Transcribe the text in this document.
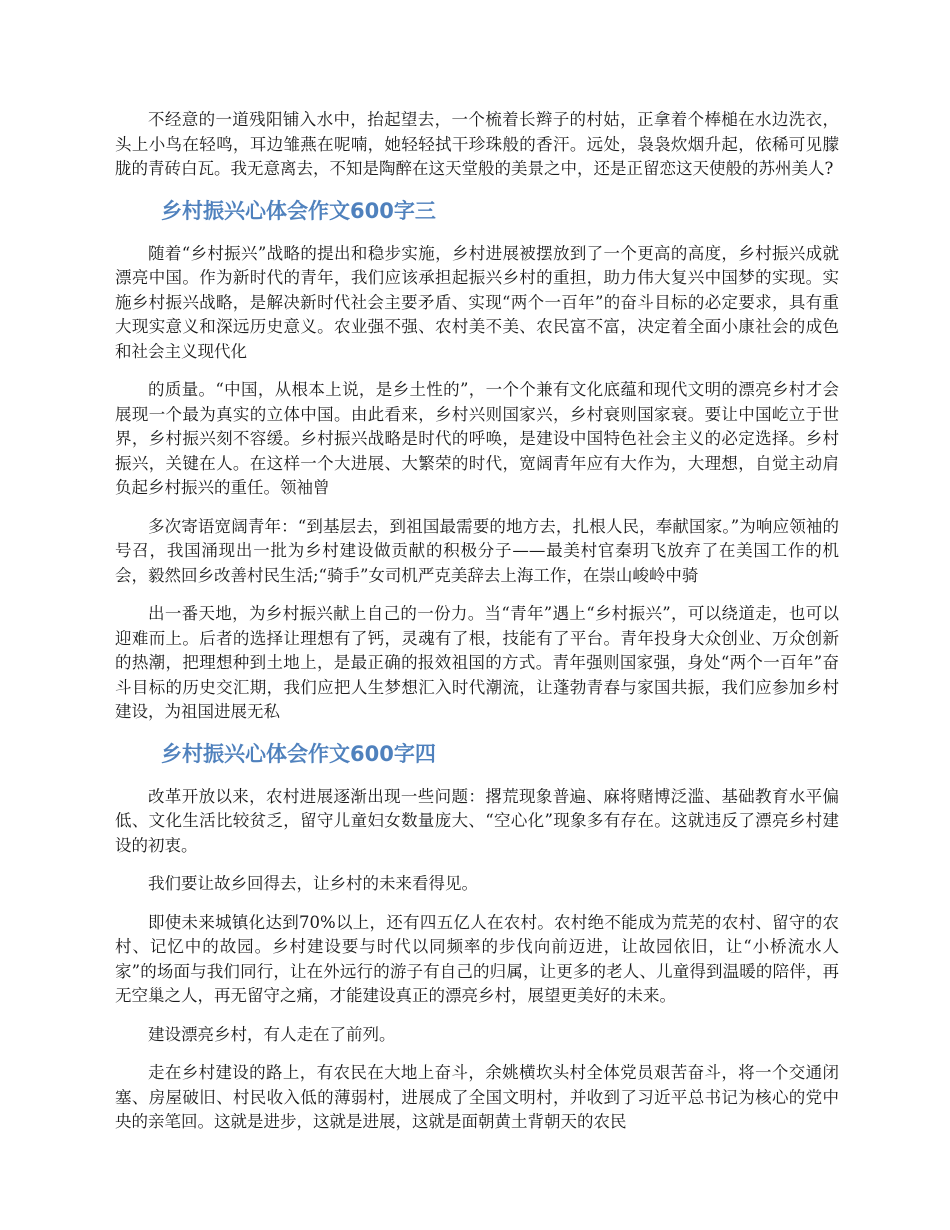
不经意的一道残阳铺入水中，抬起望去，一个梳着长辫子的村姑，正拿着个棒槌在水边洗衣，头上小鸟在轻鸣，耳边雏燕在呢喃，她轻轻拭干珍珠般的香汗。远处，袅袅炊烟升起，依稀可见朦胧的青砖白瓦。我无意离去，不知是陶醉在这天堂般的美景之中，还是正留恋这天使般的苏州美人?

乡村振兴心体会作文600字三

随着“乡村振兴”战略的提出和稳步实施，乡村进展被摆放到了一个更高的高度，乡村振兴成就漂亮中国。作为新时代的青年，我们应该承担起振兴乡村的重担，助力伟大复兴中国梦的实现。实施乡村振兴战略，是解决新时代社会主要矛盾、实现“两个一百年”的奋斗目标的必定要求，具有重大现实意义和深远历史意义。农业强不强、农村美不美、农民富不富，决定着全面小康社会的成色和社会主义现代化

的质量。“中国，从根本上说，是乡土性的”，一个个兼有文化底蕴和现代文明的漂亮乡村才会展现一个最为真实的立体中国。由此看来，乡村兴则国家兴，乡村衰则国家衰。要让中国屹立于世界，乡村振兴刻不容缓。乡村振兴战略是时代的呼唤，是建设中国特色社会主义的必定选择。乡村振兴，关键在人。在这样一个大进展、大繁荣的时代，宽阔青年应有大作为，大理想，自觉主动肩负起乡村振兴的重任。领袖曾

多次寄语宽阔青年：“到基层去，到祖国最需要的地方去，扎根人民，奉献国家。”为响应领袖的号召，我国涌现出一批为乡村建设做贡献的积极分子——最美村官秦玥飞放弃了在美国工作的机会，毅然回乡改善村民生活;“骑手”女司机严克美辞去上海工作，在崇山峻岭中骑

出一番天地，为乡村振兴献上自己的一份力。当“青年”遇上“乡村振兴”，可以绕道走，也可以迎难而上。后者的选择让理想有了钙，灵魂有了根，技能有了平台。青年投身大众创业、万众创新的热潮，把理想种到土地上，是最正确的报效祖国的方式。青年强则国家强，身处“两个一百年”奋斗目标的历史交汇期，我们应把人生梦想汇入时代潮流，让蓬勃青春与家国共振，我们应参加乡村建设，为祖国进展无私

乡村振兴心体会作文600字四

改革开放以来，农村进展逐渐出现一些问题：撂荒现象普遍、麻将赌博泛滥、基础教育水平偏低、文化生活比较贫乏，留守儿童妇女数量庞大、“空心化”现象多有存在。这就违反了漂亮乡村建设的初衷。

我们要让故乡回得去，让乡村的未来看得见。

即使未来城镇化达到70%以上，还有四五亿人在农村。农村绝不能成为荒芜的农村、留守的农村、记忆中的故园。乡村建设要与时代以同频率的步伐向前迈进，让故园依旧，让“小桥流水人家”的场面与我们同行，让在外远行的游子有自己的归属，让更多的老人、儿童得到温暖的陪伴，再无空巢之人，再无留守之痛，才能建设真正的漂亮乡村，展望更美好的未来。

建设漂亮乡村，有人走在了前列。

走在乡村建设的路上，有农民在大地上奋斗，余姚横坎头村全体党员艰苦奋斗，将一个交通闭塞、房屋破旧、村民收入低的薄弱村，进展成了全国文明村，并收到了习近平总书记为核心的党中央的亲笔回。这就是进步，这就是进展，这就是面朝黄土背朝天的农民
